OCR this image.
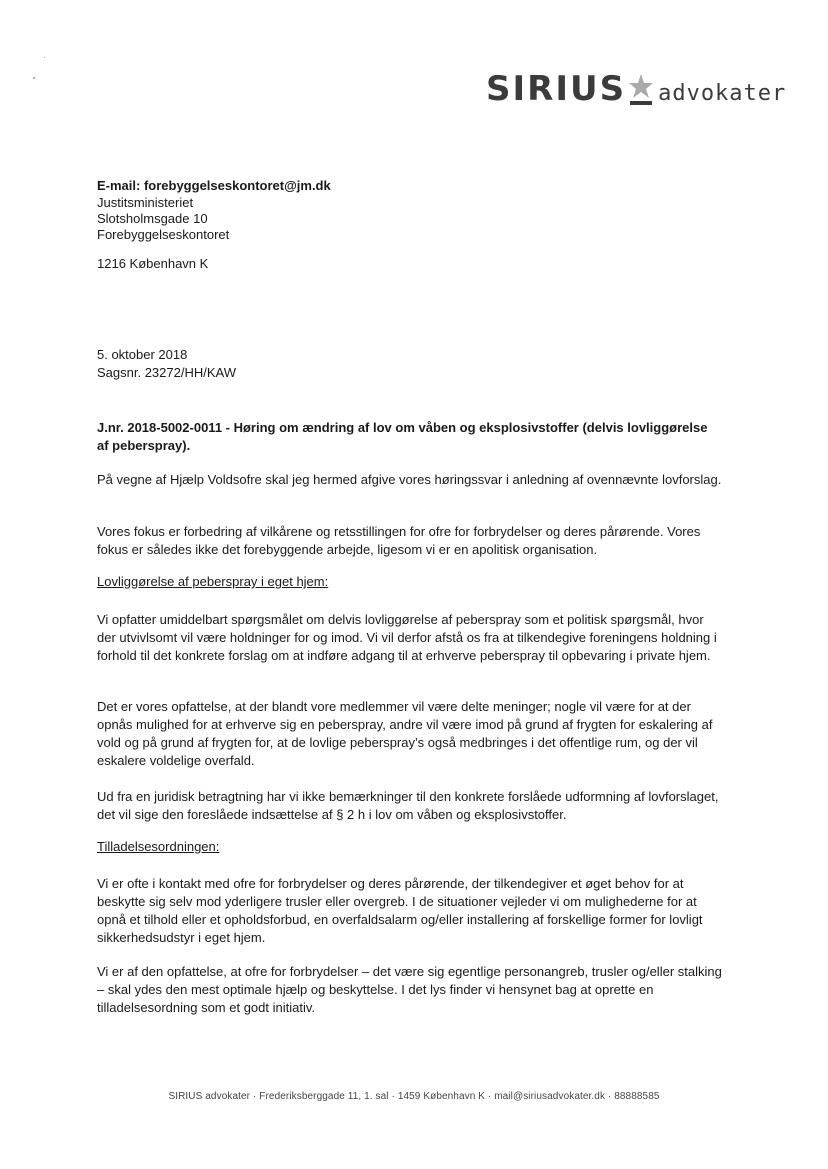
SIRIUS advokater

E-mail: forebyggelseskontoret@jm.dk

Justitsministeriet

Slotsholmsgade 10

Forebyggelseskontoret

1216 København K

5. oktober 2018

Sagsnr. 23272/HH/KAW

J.nr. 2018-5002-0011 - Høring om ændring af lov om våben og eksplosivstoffer (delvis lovliggørelse af peberspray).

På vegne af Hjælp Voldsofre skal jeg hermed afgive vores høringssvar i anledning af ovennævnte lovforslag.

Vores fokus er forbedring af vilkårene og retsstillingen for ofre for forbrydelser og deres pårørende. Vores fokus er således ikke det forebyggende arbejde, ligesom vi er en apolitisk organisation.

Lovliggørelse af peberspray i eget hjem:

Vi opfatter umiddelbart spørgsmålet om delvis lovliggørelse af peberspray som et politisk spørgsmål, hvor der utvivlsomt vil være holdninger for og imod. Vi vil derfor afstå os fra at tilkendegive foreningens holdning i forhold til det konkrete forslag om at indføre adgang til at erhverve peberspray til opbevaring i private hjem.

Det er vores opfattelse, at der blandt vore medlemmer vil være delte meninger; nogle vil være for at der opnås mulighed for at erhverve sig en peberspray, andre vil være imod på grund af frygten for eskalering af vold og på grund af frygten for, at de lovlige peberspray’s også medbringes i det offentlige rum, og der vil eskalere voldelige overfald.

Ud fra en juridisk betragtning har vi ikke bemærkninger til den konkrete forslåede udformning af lovforslaget, det vil sige den foreslåede indsættelse af § 2 h i lov om våben og eksplosivstoffer.

Tilladelsesordningen:

Vi er ofte i kontakt med ofre for forbrydelser og deres pårørende, der tilkendegiver et øget behov for at beskytte sig selv mod yderligere trusler eller overgreb. I de situationer vejleder vi om mulighederne for at opnå et tilhold eller et opholdsforbud, en overfaldsalarm og/eller installering af forskellige former for lovligt sikkerhedsudstyr i eget hjem.

Vi er af den opfattelse, at ofre for forbrydelser – det være sig egentlige personangreb, trusler og/eller stalking – skal ydes den mest optimale hjælp og beskyttelse. I det lys finder vi hensynet bag at oprette en tilladelsesordning som et godt initiativ.

SIRIUS advokater · Frederiksberggade 11, 1. sal · 1459 København K · mail@siriusadvokater.dk · 88888585
